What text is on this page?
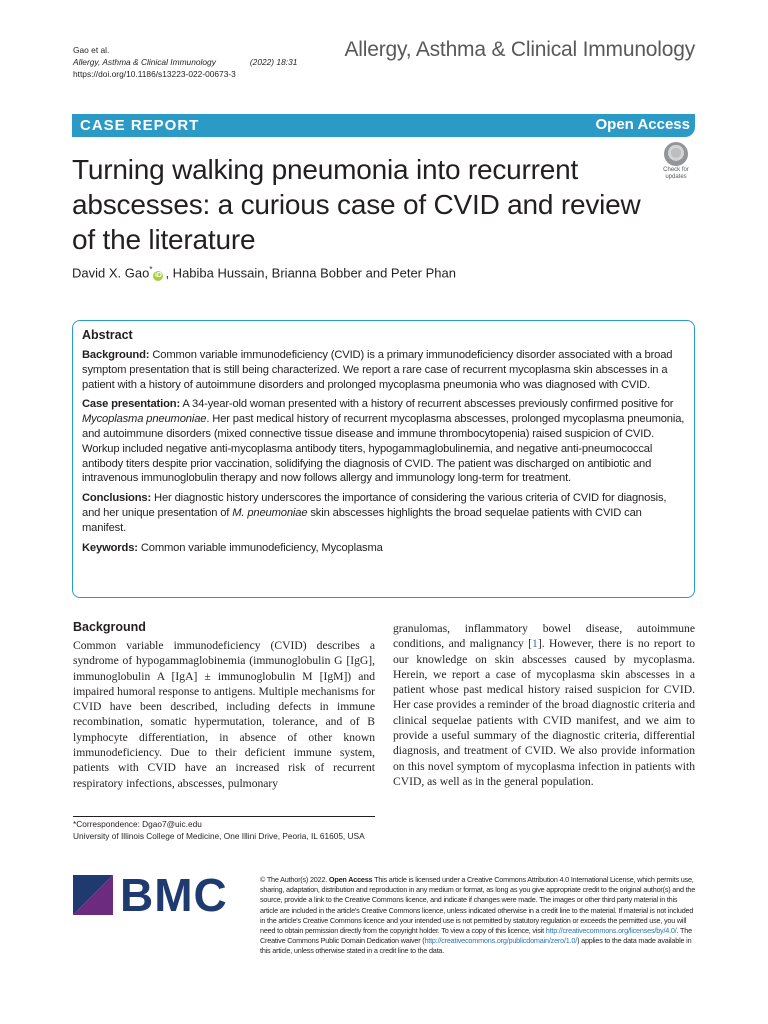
Gao et al.
Allergy, Asthma & Clinical Immunology	(2022) 18:31
https://doi.org/10.1186/s13223-022-00673-3
Allergy, Asthma & Clinical Immunology
CASE REPORT	Open Access
Turning walking pneumonia into recurrent abscesses: a curious case of CVID and review of the literature
Check for updates
David X. Gao*iD , Habiba Hussain, Brianna Bobber and Peter Phan
Abstract

Background: Common variable immunodeficiency (CVID) is a primary immunodeficiency disorder associated with a broad symptom presentation that is still being characterized. We report a rare case of recurrent mycoplasma skin abscesses in a patient with a history of autoimmune disorders and prolonged mycoplasma pneumonia who was diagnosed with CVID.

Case presentation: A 34-year-old woman presented with a history of recurrent abscesses previously confirmed positive for Mycoplasma pneumoniae. Her past medical history of recurrent mycoplasma abscesses, prolonged mycoplasma pneumonia, and autoimmune disorders (mixed connective tissue disease and immune thrombocytopenia) raised suspicion of CVID. Workup included negative anti-mycoplasma antibody titers, hypogammaglobulinemia, and negative anti-pneumococcal antibody titers despite prior vaccination, solidifying the diagnosis of CVID. The patient was discharged on antibiotic and intravenous immunoglobulin therapy and now follows allergy and immunology long-term for treatment.

Conclusions: Her diagnostic history underscores the importance of considering the various criteria of CVID for diagnosis, and her unique presentation of M. pneumoniae skin abscesses highlights the broad sequelae patients with CVID can manifest.

Keywords: Common variable immunodeficiency, Mycoplasma

Background

Common variable immunodeficiency (CVID) describes a syndrome of hypogammaglobinemia (immunoglobulin G [IgG], immunoglobulin A [IgA] ± immunoglobulin M [IgM]) and impaired humoral response to antigens. Multiple mechanisms for CVID have been described, including defects in immune recombination, somatic hypermutation, tolerance, and of B lymphocyte differentiation, in absence of other known immunodeficiency. Due to their deficient immune system, patients with CVID have an increased risk of recurrent respiratory infections, abscesses, pulmonary

granulomas, inflammatory bowel disease, autoimmune conditions, and malignancy [1]. However, there is no report to our knowledge on skin abscesses caused by mycoplasma. Herein, we report a case of mycoplasma skin abscesses in a patient whose past medical history raised suspicion for CVID. Her case provides a reminder of the broad diagnostic criteria and clinical sequelae patients with CVID manifest, and we aim to provide a useful summary of the diagnostic criteria, differential diagnosis, and treatment of CVID. We also provide information on this novel symptom of mycoplasma infection in patients with CVID, as well as in the general population.

*Correspondence: Dgao7@uic.edu
University of Illinois College of Medicine, One Illini Drive, Peoria, IL 61605, USA
BMC	© The Author(s) 2022. Open Access This article is licensed under a Creative Commons Attribution 4.0 International License, which permits use, sharing, adaptation, distribution and reproduction in any medium or format, as long as you give appropriate credit to the original author(s) and the source, provide a link to the Creative Commons licence, and indicate if changes were made. The images or other third party material in this article are included in the article's Creative Commons licence, unless indicated otherwise in a credit line to the material. If material is not included in the article's Creative Commons licence and your intended use is not permitted by statutory regulation or exceeds the permitted use, you will need to obtain permission directly from the copyright holder. To view a copy of this licence, visit http://creativecommons.org/licenses/by/4.0/. The Creative Commons Public Domain Dedication waiver (http://creativecommons.org/publicdomain/zero/1.0/) applies to the data made available in this article, unless otherwise stated in a credit line to the data.
